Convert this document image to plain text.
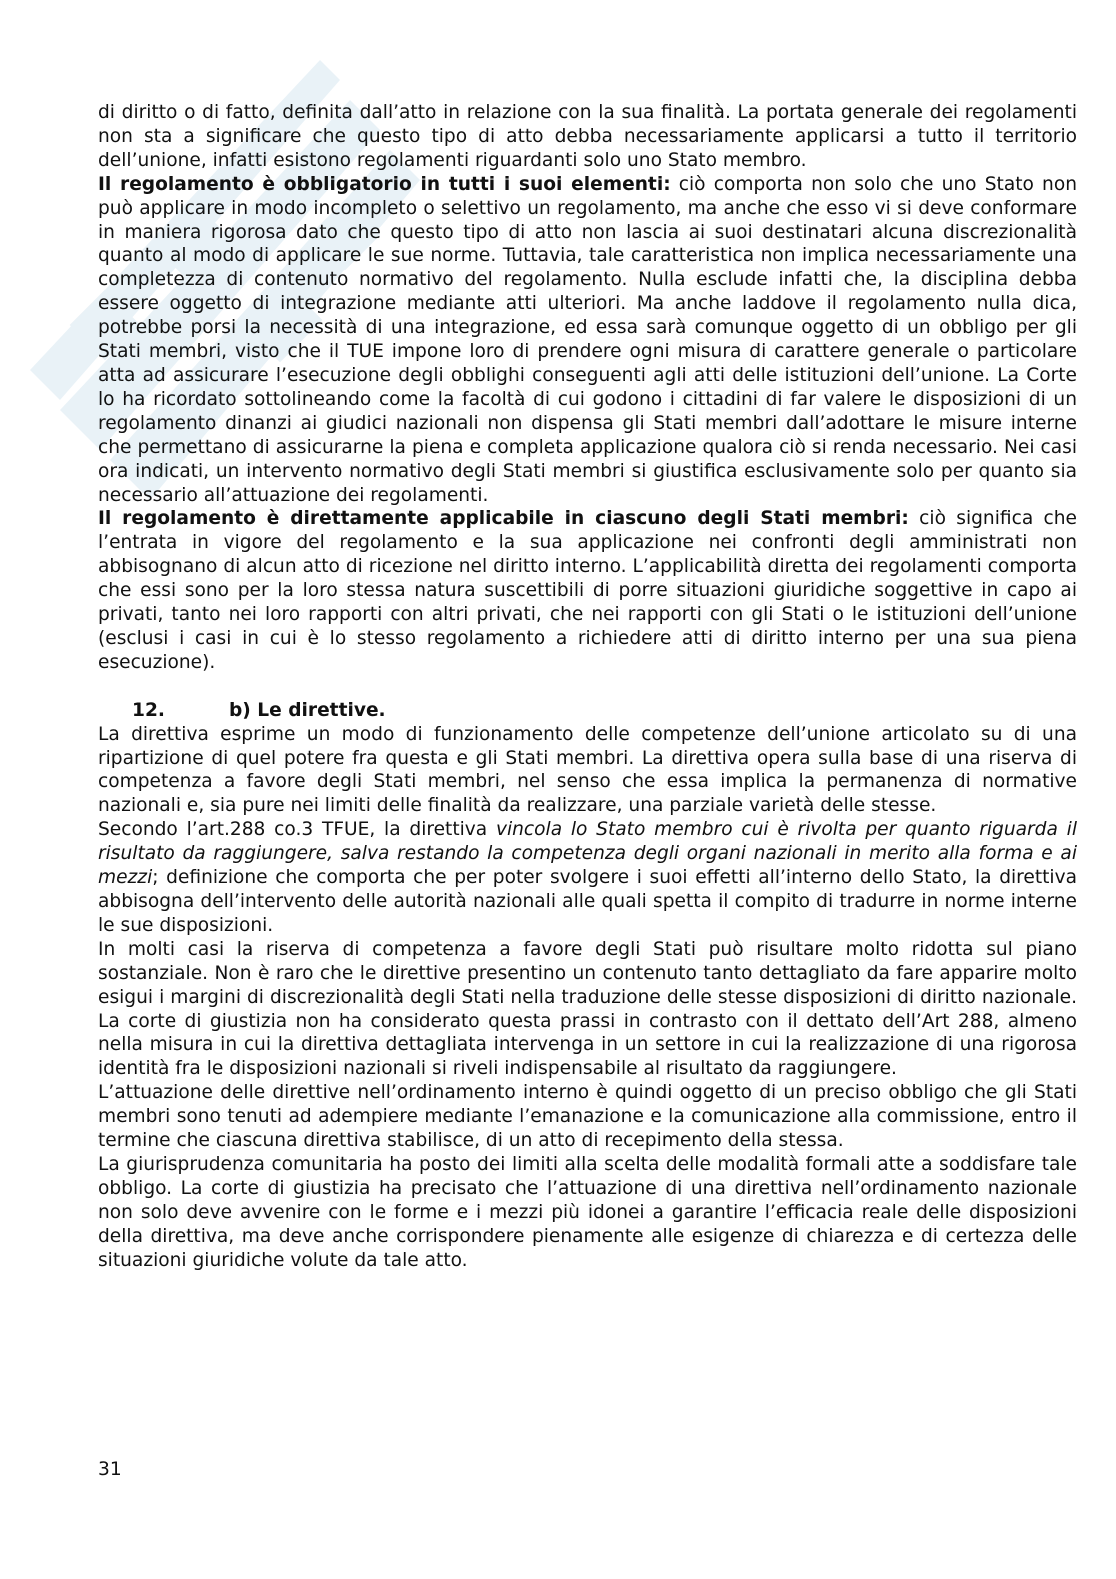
di diritto o di fatto, definita dall’atto in relazione con la sua finalità. La portata generale dei regolamenti non sta a significare che questo tipo di atto debba necessariamente applicarsi a tutto il territorio dell’unione, infatti esistono regolamenti riguardanti solo uno Stato membro.

Il regolamento è obbligatorio in tutti i suoi elementi: ciò comporta non solo che uno Stato non può applicare in modo incompleto o selettivo un regolamento, ma anche che esso vi si deve conformare in maniera rigorosa dato che questo tipo di atto non lascia ai suoi destinatari alcuna discrezionalità quanto al modo di applicare le sue norme. Tuttavia, tale caratteristica non implica necessariamente una completezza di contenuto normativo del regolamento. Nulla esclude infatti che, la disciplina debba essere oggetto di integrazione mediante atti ulteriori. Ma anche laddove il regolamento nulla dica, potrebbe porsi la necessità di una integrazione, ed essa sarà comunque oggetto di un obbligo per gli Stati membri, visto che il TUE impone loro di prendere ogni misura di carattere generale o particolare atta ad assicurare l’esecuzione degli obblighi conseguenti agli atti delle istituzioni dell’unione. La Corte lo ha ricordato sottolineando come la facoltà di cui godono i cittadini di far valere le disposizioni di un regolamento dinanzi ai giudici nazionali non dispensa gli Stati membri dall’adottare le misure interne che permettano di assicurarne la piena e completa applicazione qualora ciò si renda necessario. Nei casi ora indicati, un intervento normativo degli Stati membri si giustifica esclusivamente solo per quanto sia necessario all’attuazione dei regolamenti.

Il regolamento è direttamente applicabile in ciascuno degli Stati membri: ciò significa che l’entrata in vigore del regolamento e la sua applicazione nei confronti degli amministrati non abbisognano di alcun atto di ricezione nel diritto interno. L’applicabilità diretta dei regolamenti comporta che essi sono per la loro stessa natura suscettibili di porre situazioni giuridiche soggettive in capo ai privati, tanto nei loro rapporti con altri privati, che nei rapporti con gli Stati o le istituzioni dell’unione (esclusi i casi in cui è lo stesso regolamento a richiedere atti di diritto interno per una sua piena esecuzione).

12.	b) Le direttive.

La direttiva esprime un modo di funzionamento delle competenze dell’unione articolato su di una ripartizione di quel potere fra questa e gli Stati membri. La direttiva opera sulla base di una riserva di competenza a favore degli Stati membri, nel senso che essa implica la permanenza di normative nazionali e, sia pure nei limiti delle finalità da realizzare, una parziale varietà delle stesse.

Secondo l’art.288 co.3 TFUE, la direttiva vincola lo Stato membro cui è rivolta per quanto riguarda il risultato da raggiungere, salva restando la competenza degli organi nazionali in merito alla forma e ai mezzi; definizione che comporta che per poter svolgere i suoi effetti all’interno dello Stato, la direttiva abbisogna dell’intervento delle autorità nazionali alle quali spetta il compito di tradurre in norme interne le sue disposizioni.

In molti casi la riserva di competenza a favore degli Stati può risultare molto ridotta sul piano sostanziale. Non è raro che le direttive presentino un contenuto tanto dettagliato da fare apparire molto esigui i margini di discrezionalità degli Stati nella traduzione delle stesse disposizioni di diritto nazionale. La corte di giustizia non ha considerato questa prassi in contrasto con il dettato dell’Art 288, almeno nella misura in cui la direttiva dettagliata intervenga in un settore in cui la realizzazione di una rigorosa identità fra le disposizioni nazionali si riveli indispensabile al risultato da raggiungere.

L’attuazione delle direttive nell’ordinamento interno è quindi oggetto di un preciso obbligo che gli Stati membri sono tenuti ad adempiere mediante l’emanazione e la comunicazione alla commissione, entro il termine che ciascuna direttiva stabilisce, di un atto di recepimento della stessa.

La giurisprudenza comunitaria ha posto dei limiti alla scelta delle modalità formali atte a soddisfare tale obbligo. La corte di giustizia ha precisato che l’attuazione di una direttiva nell’ordinamento nazionale non solo deve avvenire con le forme e i mezzi più idonei a garantire l’efficacia reale delle disposizioni della direttiva, ma deve anche corrispondere pienamente alle esigenze di chiarezza e di certezza delle situazioni giuridiche volute da tale atto.

31
